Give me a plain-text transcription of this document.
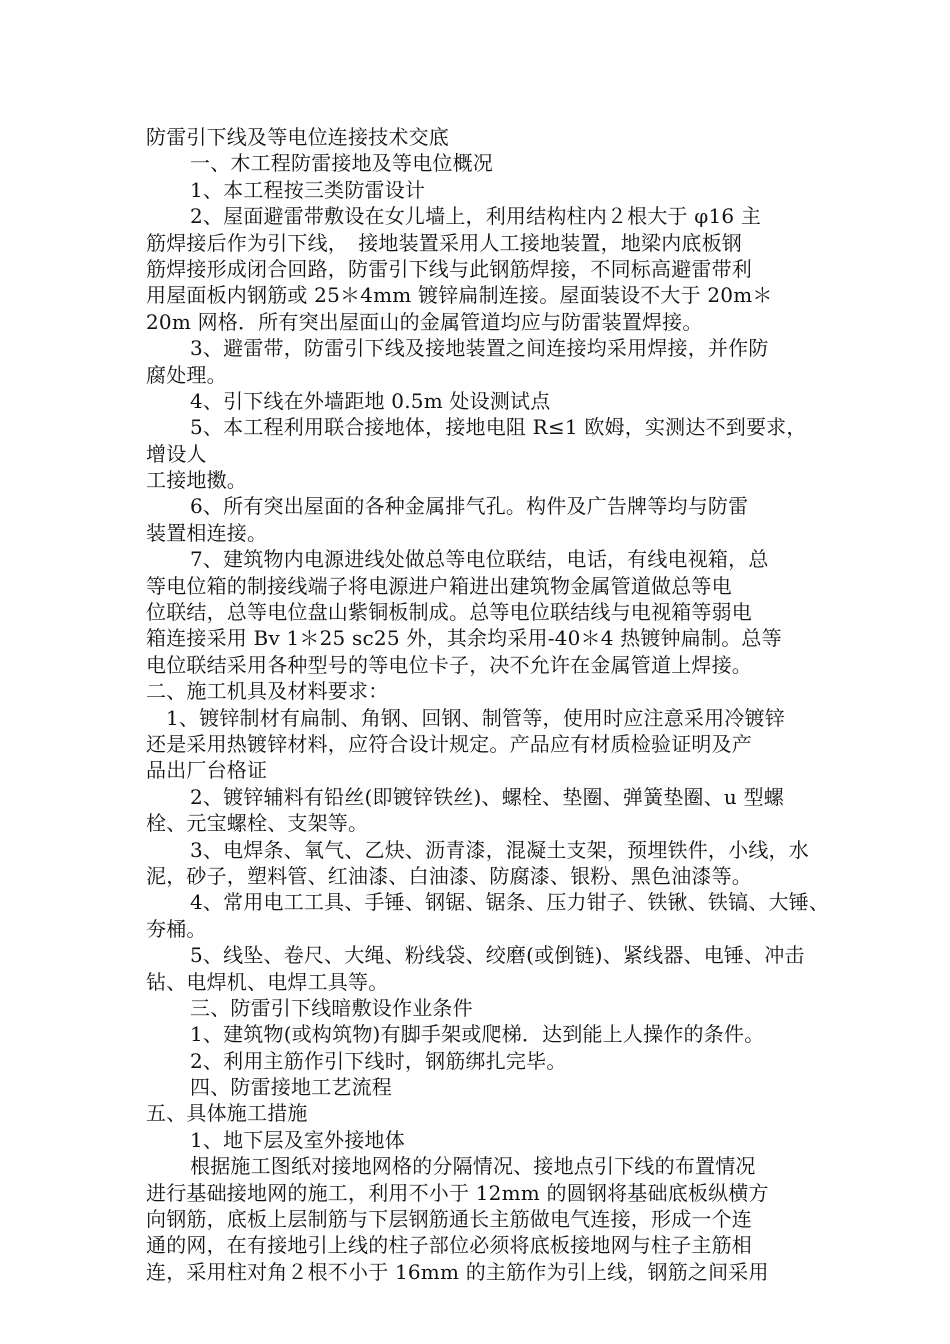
防雷引下线及等电位连接技术交底
一、木工程防雷接地及等电位概况
1、本工程按三类防雷设计
2、屋面避雷带敷设在女儿墙上，利用结构柱内２根大于 φ16 主
筋焊接后作为引下线，　接地装置采用人工接地装置，地梁内底板钢
筋焊接形成闭合回路，防雷引下线与此钢筋焊接，不同标高避雷带利
用屋面板内钢筋或 25＊4mm 镀锌扁制连接。屋面装设不大于 20m＊
20m 网格．所有突出屋面山的金属管道均应与防雷装置焊接。
3、避雷带，防雷引下线及接地装置之间连接均采用焊接，并作防
腐处理。
4、引下线在外墙距地 0.5m 处设测试点
5、本工程利用联合接地体，接地电阻 R≤1 欧姆，实测达不到要求，
增设人
工接地擞。
6、所有突出屋面的各种金属排气孔。构件及广告牌等均与防雷
装置相连接。
7、建筑物内电源进线处做总等电位联结，电话，有线电视箱，总
等电位箱的制接线端子将电源进户箱进出建筑物金属管道做总等电
位联结，总等电位盘山紫铜板制成。总等电位联结线与电视箱等弱电
箱连接采用 Bv 1＊25 sc25 外，其余均采用-40＊4 热镀钟扁制。总等
电位联结采用各种型号的等电位卡子，决不允许在金属管道上焊接。
二、施工机具及材料要求：
1、镀锌制材有扁制、角钢、回钢、制管等，使用时应注意采用冷镀锌
还是采用热镀锌材料，应符合设计规定。产品应有材质检验证明及产
品出厂台格证
2、镀锌辅料有铅丝(即镀锌铁丝)、螺栓、垫圈、弹簧垫圈、u 型螺
栓、元宝螺栓、支架等。
3、电焊条、氧气、乙炔、沥青漆，混凝土支架，预埋铁件，小线，水
泥，砂子，塑料管、红油漆、白油漆、防腐漆、银粉、黑色油漆等。
4、常用电工工具、手锤、钢锯、锯条、压力钳子、铁锹、铁镐、大锤、
夯桶。
5、线坠、卷尺、大绳、粉线袋、绞磨(或倒链)、紧线器、电锤、冲击
钻、电焊机、电焊工具等。
三、防雷引下线暗敷设作业条件
1、建筑物(或构筑物)有脚手架或爬梯．达到能上人操作的条件。
2、利用主筋作引下线时，钢筋绑扎完毕。
四、防雷接地工艺流程
五、具体施工措施
1、地下层及室外接地体
根据施工图纸对接地网格的分隔情况、接地点引下线的布置情况
进行基础接地网的施工，利用不小于 12mm 的圆钢将基础底板纵横方
向钢筋，底板上层制筋与下层钢筋通长主筋做电气连接，形成一个连
通的网，在有接地引上线的柱子部位必须将底板接地网与柱子主筋相
连，采用柱对角２根不小于 16mm 的主筋作为引上线，钢筋之间采用
